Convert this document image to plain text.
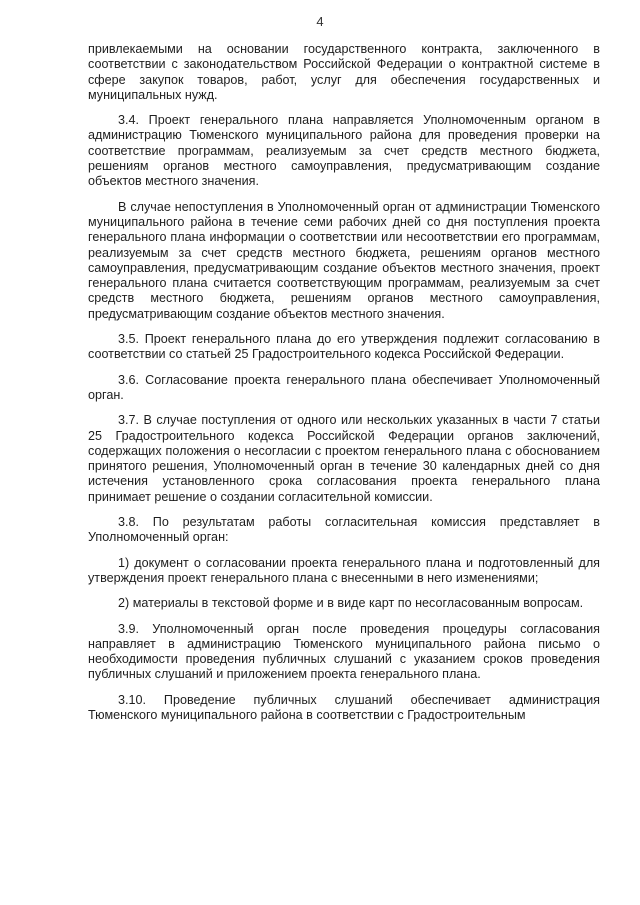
4

привлекаемыми на основании государственного контракта, заключенного в соответствии с законодательством Российской Федерации о контрактной системе в сфере закупок товаров, работ, услуг для обеспечения государственных и муниципальных нужд.

3.4. Проект генерального плана направляется Уполномоченным органом в администрацию Тюменского муниципального района для проведения проверки на соответствие программам, реализуемым за счет средств местного бюджета, решениям органов местного самоуправления, предусматривающим создание объектов местного значения.

В случае непоступления в Уполномоченный орган от администрации Тюменского муниципального района в течение семи рабочих дней со дня поступления проекта генерального плана информации о соответствии или несоответствии его программам, реализуемым за счет средств местного бюджета, решениям органов местного самоуправления, предусматривающим создание объектов местного значения, проект генерального плана считается соответствующим программам, реализуемым за счет средств местного бюджета, решениям органов местного самоуправления, предусматривающим создание объектов местного значения.

3.5. Проект генерального плана до его утверждения подлежит согласованию в соответствии со статьей 25 Градостроительного кодекса Российской Федерации.

3.6. Согласование проекта генерального плана обеспечивает Уполномоченный орган.

3.7. В случае поступления от одного или нескольких указанных в части 7 статьи 25 Градостроительного кодекса Российской Федерации органов заключений, содержащих положения о несогласии с проектом генерального плана с обоснованием принятого решения, Уполномоченный орган в течение 30 календарных дней со дня истечения установленного срока согласования проекта генерального плана принимает решение о создании согласительной комиссии.

3.8. По результатам работы согласительная комиссия представляет в Уполномоченный орган:

1) документ о согласовании проекта генерального плана и подготовленный для утверждения проект генерального плана с внесенными в него изменениями;

2) материалы в текстовой форме и в виде карт по несогласованным вопросам.

3.9. Уполномоченный орган после проведения процедуры согласования направляет в администрацию Тюменского муниципального района письмо о необходимости проведения публичных слушаний с указанием сроков проведения публичных слушаний и приложением проекта генерального плана.

3.10. Проведение публичных слушаний обеспечивает администрация Тюменского муниципального района в соответствии с Градостроительным
